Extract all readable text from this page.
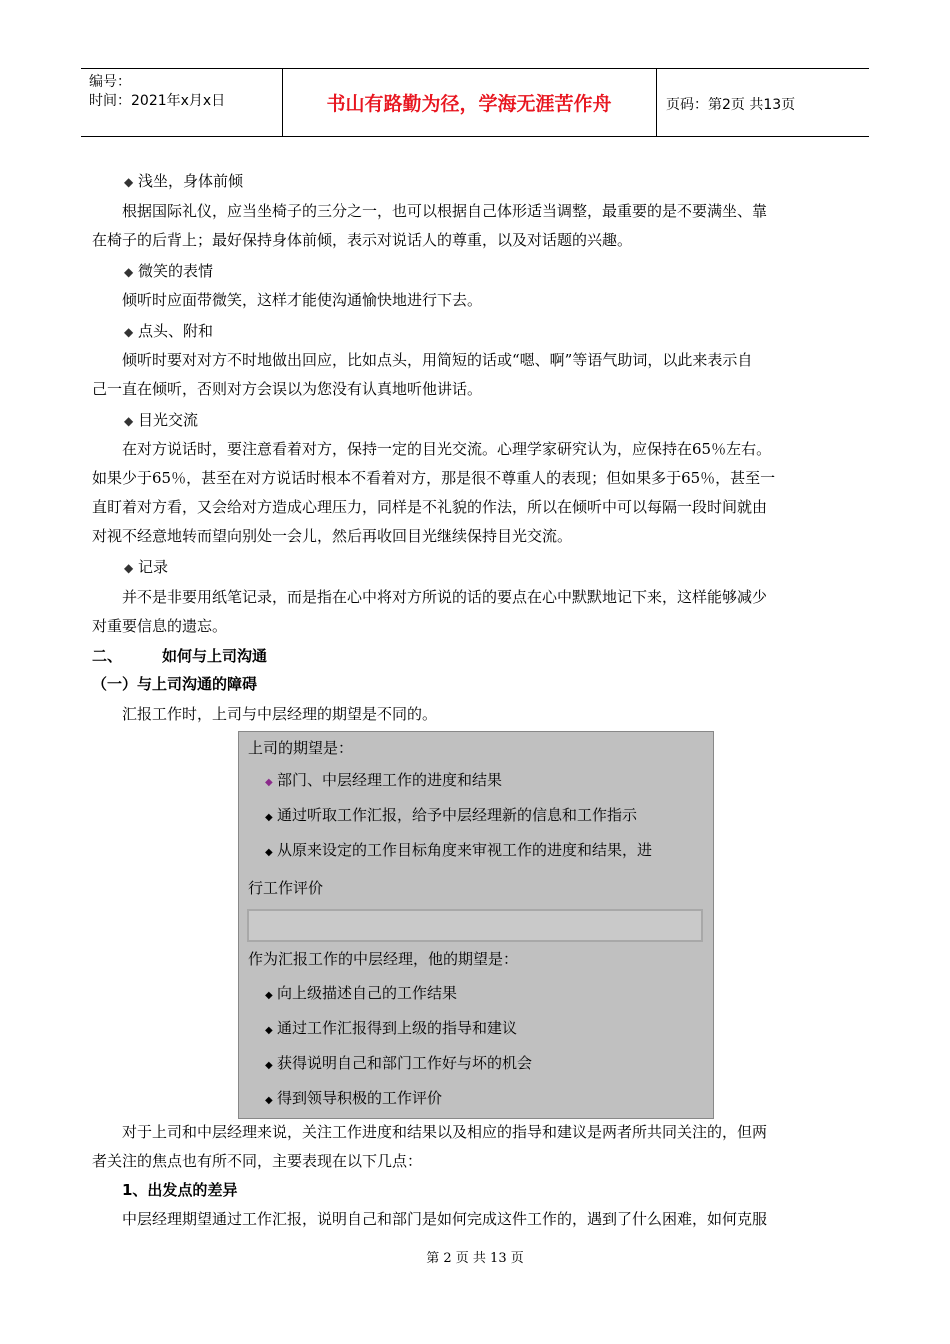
编号：
时间：2021年x月x日	书山有路勤为径，学海无涯苦作舟	页码：第2页 共13页
◆ 浅坐，身体前倾
根据国际礼仪，应当坐椅子的三分之一，也可以根据自己体形适当调整，最重要的是不要满坐、靠
在椅子的后背上；最好保持身体前倾，表示对说话人的尊重，以及对话题的兴趣。
◆ 微笑的表情
倾听时应面带微笑，这样才能使沟通愉快地进行下去。
◆ 点头、附和
倾听时要对对方不时地做出回应，比如点头，用简短的话或“嗯、啊”等语气助词，以此来表示自
己一直在倾听，否则对方会误以为您没有认真地听他讲话。
◆ 目光交流
在对方说话时，要注意看着对方，保持一定的目光交流。心理学家研究认为，应保持在65％左右。
如果少于65％，甚至在对方说话时根本不看着对方，那是很不尊重人的表现；但如果多于65％，甚至一
直盯着对方看，又会给对方造成心理压力，同样是不礼貌的作法，所以在倾听中可以每隔一段时间就由
对视不经意地转而望向别处一会儿，然后再收回目光继续保持目光交流。
◆ 记录
并不是非要用纸笔记录，而是指在心中将对方所说的话的要点在心中默默地记下来，这样能够减少
对重要信息的遗忘。
二、	如何与上司沟通
（一）与上司沟通的障碍
汇报工作时，上司与中层经理的期望是不同的。
上司的期望是：
◆ 部门、中层经理工作的进度和结果
◆ 通过听取工作汇报，给予中层经理新的信息和工作指示
◆ 从原来设定的工作目标角度来审视工作的进度和结果，进
行工作评价
作为汇报工作的中层经理，他的期望是：
◆ 向上级描述自己的工作结果
◆ 通过工作汇报得到上级的指导和建议
◆ 获得说明自己和部门工作好与坏的机会
◆ 得到领导积极的工作评价
对于上司和中层经理来说，关注工作进度和结果以及相应的指导和建议是两者所共同关注的，但两
者关注的焦点也有所不同，主要表现在以下几点：
1、出发点的差异
中层经理期望通过工作汇报，说明自己和部门是如何完成这件工作的，遇到了什么困难，如何克服
第 2 页 共 13 页
